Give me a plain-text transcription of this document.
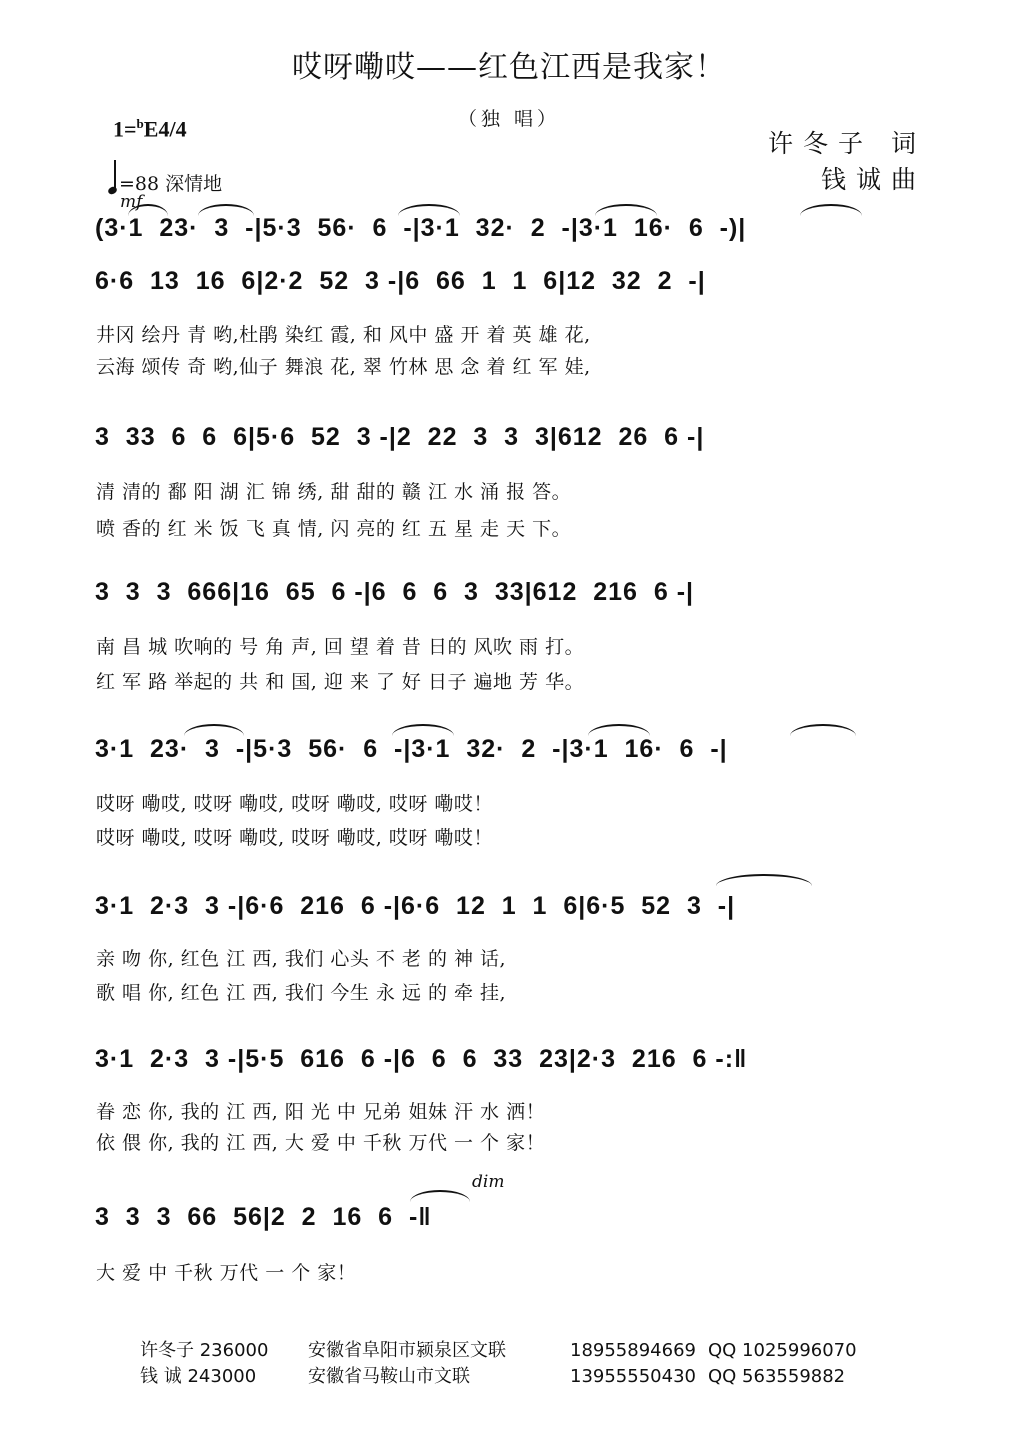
哎呀嘞哎——红色江西是我家！
（独 唱）
1=$^b$E4/4
=88 深情地
mf
许冬子 词
钱诚曲
(3·1  23·  3  -|5·3  56·  6  -|3·1  32·  2  -|3·1  16·  6  -)|
6·6  13  16  6|2·2  52  3 -|6  66  1  1  6|12  32  2  -|
井冈 绘丹 青 哟,杜鹃 染红 霞, 和 风中 盛 开 着 英 雄 花,
云海 颂传 奇 哟,仙子 舞浪 花, 翠 竹林 思 念 着 红 军 娃,
3  33  6  6  6|5·6  52  3 -|2  22  3  3  3|612  26  6 -|
清 清的 鄱 阳 湖 汇 锦 绣, 甜 甜的 赣 江 水 涌 报 答。
喷 香的 红 米 饭 飞 真 情, 闪 亮的 红 五 星 走 天 下。
3  3  3  666|16  65  6 -|6  6  6  3  33|612  216  6 -|
南 昌 城 吹响的 号 角 声, 回 望 着 昔 日的 风吹 雨 打。
红 军 路 举起的 共 和 国, 迎 来 了 好 日子 遍地 芳 华。
3·1  23·  3  -|5·3  56·  6  -|3·1  32·  2  -|3·1  16·  6  -|
哎呀 嘞哎, 哎呀 嘞哎, 哎呀 嘞哎, 哎呀 嘞哎！
哎呀 嘞哎, 哎呀 嘞哎, 哎呀 嘞哎, 哎呀 嘞哎！
3·1  2·3  3 -|6·6  216  6 -|6·6  12  1  1  6|6·5  52  3  -|
亲 吻 你, 红色 江 西, 我们 心头 不 老 的 神 话,
歌 唱 你, 红色 江 西, 我们 今生 永 远 的 牵 挂,
3·1  2·3  3 -|5·5  616  6 -|6  6  6  33  23|2·3  216  6 -:‖
眷 恋 你, 我的 江 西, 阳 光 中 兄弟 姐妹 汗 水 洒！
依 偎 你, 我的 江 西, 大 爱 中 千秋 万代 一 个 家！
dim
3  3  3  66  56|2  2  16  6  -‖
大 爱 中 千秋 万代 一 个 家！
许冬子 236000 安徽省阜阳市颍泉区文联	18955894669 QQ 1025996070
钱 诚 243000	安徽省马鞍山市文联	13955550430 QQ 563559882
